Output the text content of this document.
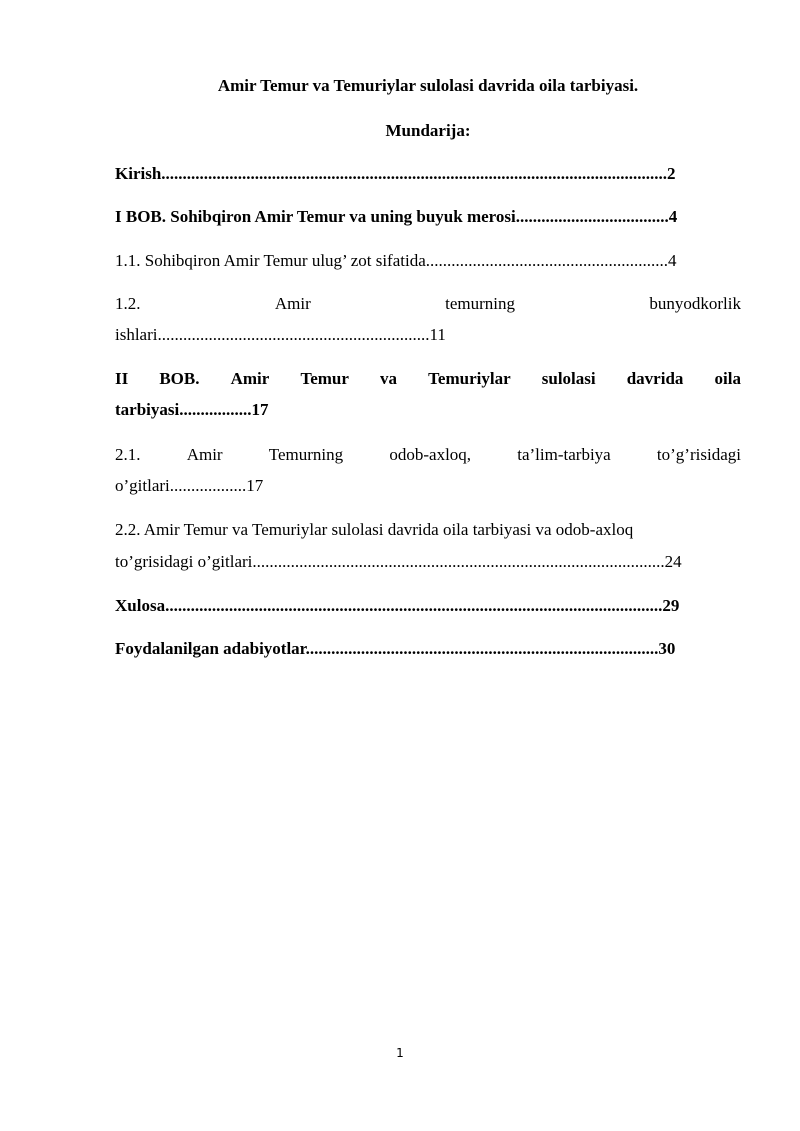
Amir Temur va Temuriylar sulolasi davrida oila tarbiyasi.
Mundarija:
Kirish.......................................................................................................................2
I BOB. Sohibqiron Amir Temur va uning buyuk merosi....................................4
1.1. Sohibqiron Amir Temur ulug’ zot sifatida.........................................................4
1.2.	Amir	temurning	bunyodkorlik
ishlari................................................................11
II BOB. Amir Temur va Temuriylar sulolasi davrida oila
tarbiyasi.................17
2.1.	Amir	Temurning	odob-axloq,	ta’lim-tarbiya	to’g’risidagi
o’gitlari..................17
2.2. Amir Temur va Temuriylar sulolasi davrida oila tarbiyasi va odob-axloq
to’grisidagi o’gitlari.................................................................................................24
Xulosa.....................................................................................................................29
Foydalanilgan adabiyotlar...................................................................................30
1
